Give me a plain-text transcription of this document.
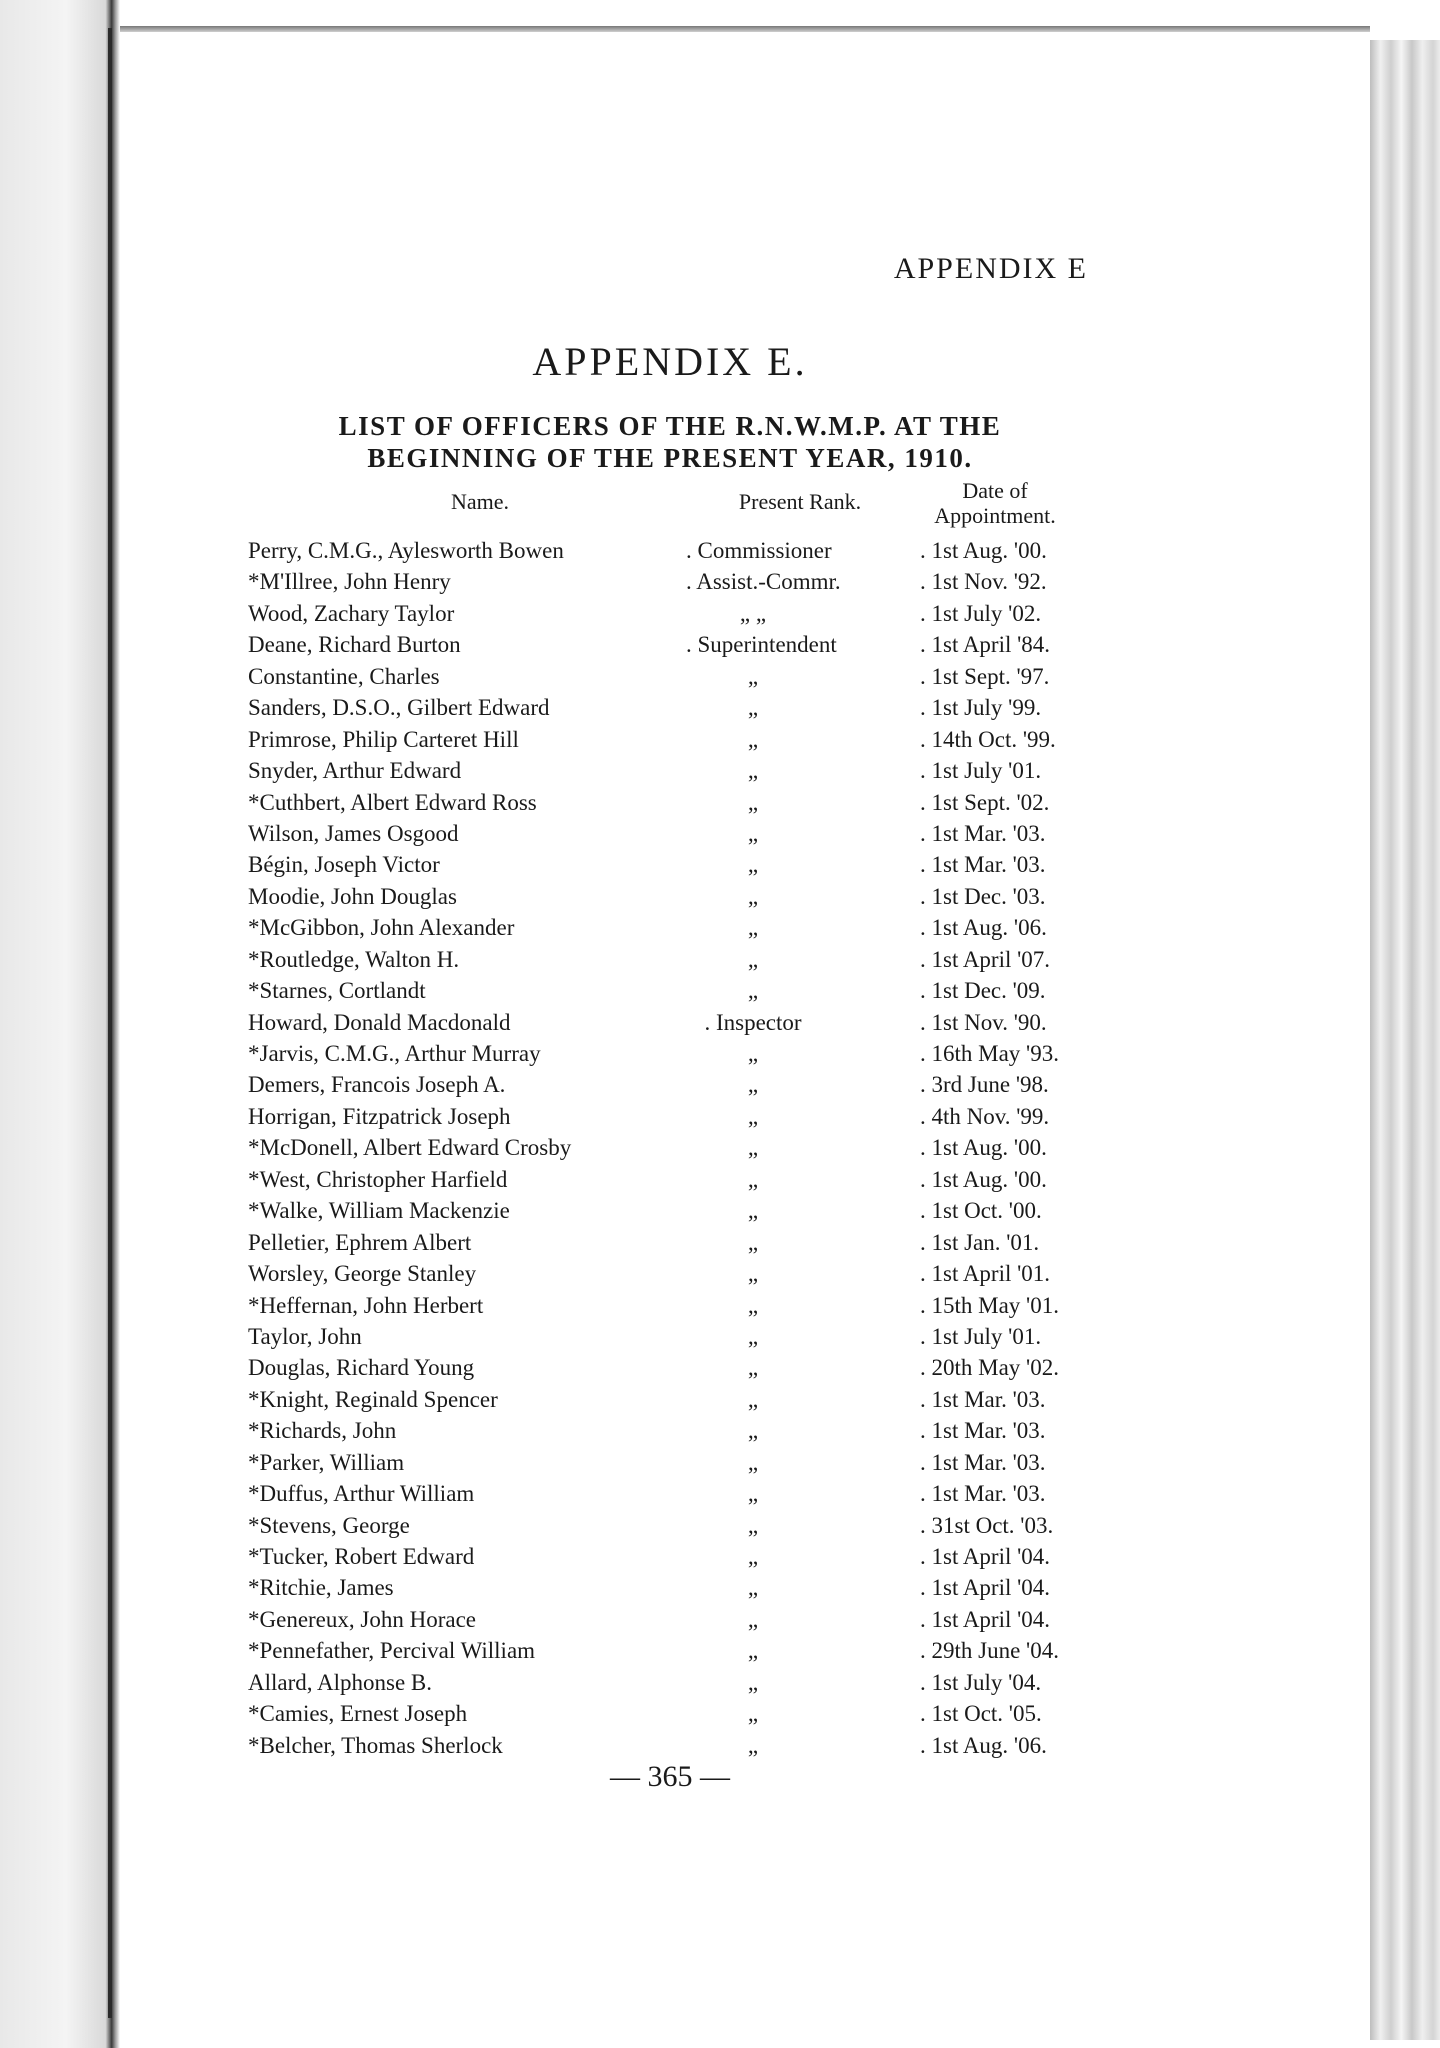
APPENDIX E
APPENDIX E.
LIST OF OFFICERS OF THE R.N.W.M.P. AT THE
BEGINNING OF THE PRESENT YEAR, 1910.
Name.	Present Rank.	Date of
Appointment.
Perry, C.M.G., Aylesworth Bowen	. Commissioner	. 1st Aug. '00.
*M'Illree, John Henry	. Assist.-Commr.	. 1st Nov. '92.
Wood, Zachary Taylor	„ „	. 1st July '02.
Deane, Richard Burton	. Superintendent	. 1st April '84.
Constantine, Charles	„	. 1st Sept. '97.
Sanders, D.S.O., Gilbert Edward	„	. 1st July '99.
Primrose, Philip Carteret Hill	„	. 14th Oct. '99.
Snyder, Arthur Edward	„	. 1st July '01.
*Cuthbert, Albert Edward Ross	„	. 1st Sept. '02.
Wilson, James Osgood	„	. 1st Mar. '03.
Bégin, Joseph Victor	„	. 1st Mar. '03.
Moodie, John Douglas	„	. 1st Dec. '03.
*McGibbon, John Alexander	„	. 1st Aug. '06.
*Routledge, Walton H.	„	. 1st April '07.
*Starnes, Cortlandt	„	. 1st Dec. '09.
Howard, Donald Macdonald	. Inspector	. 1st Nov. '90.
*Jarvis, C.M.G., Arthur Murray	„	. 16th May '93.
Demers, Francois Joseph A.	„	. 3rd June '98.
Horrigan, Fitzpatrick Joseph	„	. 4th Nov. '99.
*McDonell, Albert Edward Crosby	„	. 1st Aug. '00.
*West, Christopher Harfield	„	. 1st Aug. '00.
*Walke, William Mackenzie	„	. 1st Oct. '00.
Pelletier, Ephrem Albert	„	. 1st Jan. '01.
Worsley, George Stanley	„	. 1st April '01.
*Heffernan, John Herbert	„	. 15th May '01.
Taylor, John	„	. 1st July '01.
Douglas, Richard Young	„	. 20th May '02.
*Knight, Reginald Spencer	„	. 1st Mar. '03.
*Richards, John	„	. 1st Mar. '03.
*Parker, William	„	. 1st Mar. '03.
*Duffus, Arthur William	„	. 1st Mar. '03.
*Stevens, George	„	. 31st Oct. '03.
*Tucker, Robert Edward	„	. 1st April '04.
*Ritchie, James	„	. 1st April '04.
*Genereux, John Horace	„	. 1st April '04.
*Pennefather, Percival William	„	. 29th June '04.
Allard, Alphonse B.	„	. 1st July '04.
*Camies, Ernest Joseph	„	. 1st Oct. '05.
*Belcher, Thomas Sherlock	„	. 1st Aug. '06.
— 365 —
